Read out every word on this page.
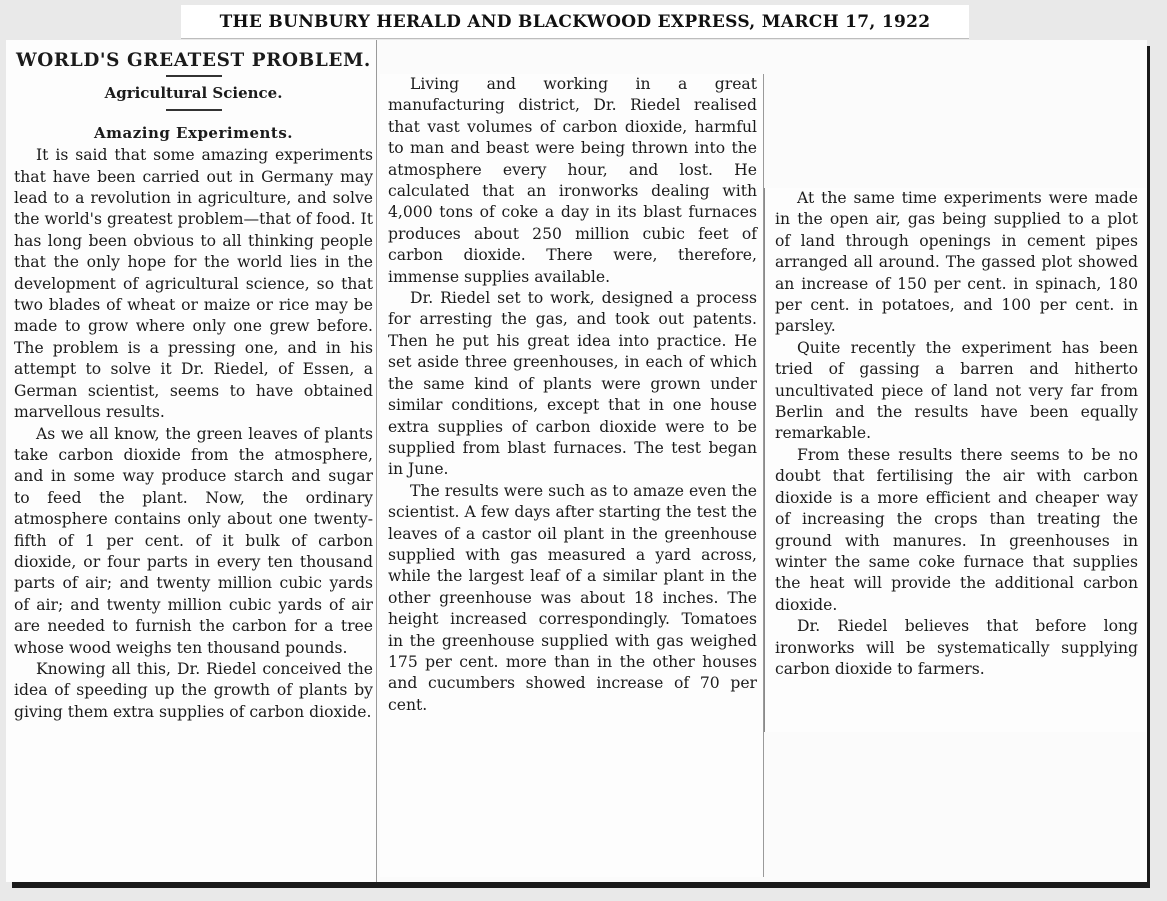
THE BUNBURY HERALD AND BLACKWOOD EXPRESS, MARCH 17, 1922
WORLD'S GREATEST PROBLEM.
Agricultural Science.
Amazing Experiments.

It is said that some amazing experiments that have been carried out in Germany may lead to a revolution in agriculture, and solve the world's greatest problem—that of food. It has long been obvious to all thinking people that the only hope for the world lies in the development of agricultural science, so that two blades of wheat or maize or rice may be made to grow where only one grew before. The problem is a pressing one, and in his attempt to solve it Dr. Riedel, of Essen, a German scientist, seems to have obtained marvellous results.

As we all know, the green leaves of plants take carbon dioxide from the atmosphere, and in some way produce starch and sugar to feed the plant. Now, the ordinary atmosphere contains only about one twenty-fifth of 1 per cent. of it bulk of carbon dioxide, or four parts in every ten thousand parts of air; and twenty million cubic yards of air; and twenty million cubic yards of air are needed to furnish the carbon for a tree whose wood weighs ten thousand pounds.

Knowing all this, Dr. Riedel conceived the idea of speeding up the growth of plants by giving them extra supplies of carbon dioxide.

Living and working in a great manufacturing district, Dr. Riedel realised that vast volumes of carbon dioxide, harmful to man and beast were being thrown into the atmosphere every hour, and lost. He calculated that an ironworks dealing with 4,000 tons of coke a day in its blast furnaces produces about 250 million cubic feet of carbon dioxide. There were, therefore, immense supplies available.

Dr. Riedel set to work, designed a process for arresting the gas, and took out patents. Then he put his great idea into practice. He set aside three greenhouses, in each of which the same kind of plants were grown under similar conditions, except that in one house extra supplies of carbon dioxide were to be supplied from blast furnaces. The test began in June.

The results were such as to amaze even the scientist. A few days after starting the test the leaves of a castor oil plant in the greenhouse supplied with gas measured a yard across, while the largest leaf of a similar plant in the other greenhouse was about 18 inches. The height increased correspondingly. Tomatoes in the greenhouse supplied with gas weighed 175 per cent. more than in the other houses and cucumbers showed increase of 70 per cent.

At the same time experiments were made in the open air, gas being supplied to a plot of land through openings in cement pipes arranged all around. The gassed plot showed an increase of 150 per cent. in spinach, 180 per cent. in potatoes, and 100 per cent. in parsley.

Quite recently the experiment has been tried of gassing a barren and hitherto uncultivated piece of land not very far from Berlin and the results have been equally remarkable.

From these results there seems to be no doubt that fertilising the air with carbon dioxide is a more efficient and cheaper way of increasing the crops than treating the ground with manures. In greenhouses in winter the same coke furnace that supplies the heat will provide the additional carbon dioxide.

Dr. Riedel believes that before long ironworks will be systematically supplying carbon dioxide to farmers.
